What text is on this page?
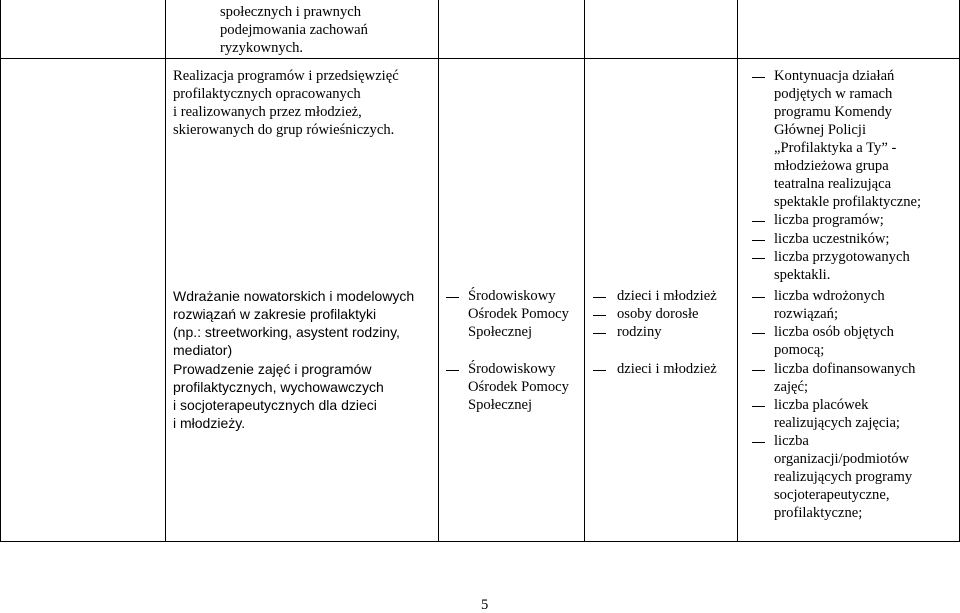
społecznych i prawnych
podejmowania zachowań
ryzykownych.
Realizacja programów i przedsięwzięć
profilaktycznych opracowanych
i realizowanych przez młodzież,
skierowanych do grup rówieśniczych.
Wdrażanie nowatorskich i modelowych
rozwiązań w zakresie profilaktyki
(np.: streetworking, asystent rodziny,
mediator)
Prowadzenie zajęć i programów
profilaktycznych, wychowawczych
i socjoterapeutycznych dla dzieci
i młodzieży.
Środowiskowy
Ośrodek Pomocy
Społecznej
Środowiskowy
Ośrodek Pomocy
Społecznej
dzieci i młodzież
osoby dorosłe
rodziny
dzieci i młodzież
Kontynuacja działań
podjętych w ramach
programu Komendy
Głównej Policji
„Profilaktyka a Ty” -
młodzieżowa grupa
teatralna realizująca
spektakle profilaktyczne;
liczba programów;
liczba uczestników;
liczba przygotowanych
spektakli.
liczba wdrożonych
rozwiązań;
liczba osób objętych
pomocą;
liczba dofinansowanych
zajęć;
liczba placówek
realizujących zajęcia;
liczba
organizacji/podmiotów
realizujących programy
socjoterapeutyczne,
profilaktyczne;
5
